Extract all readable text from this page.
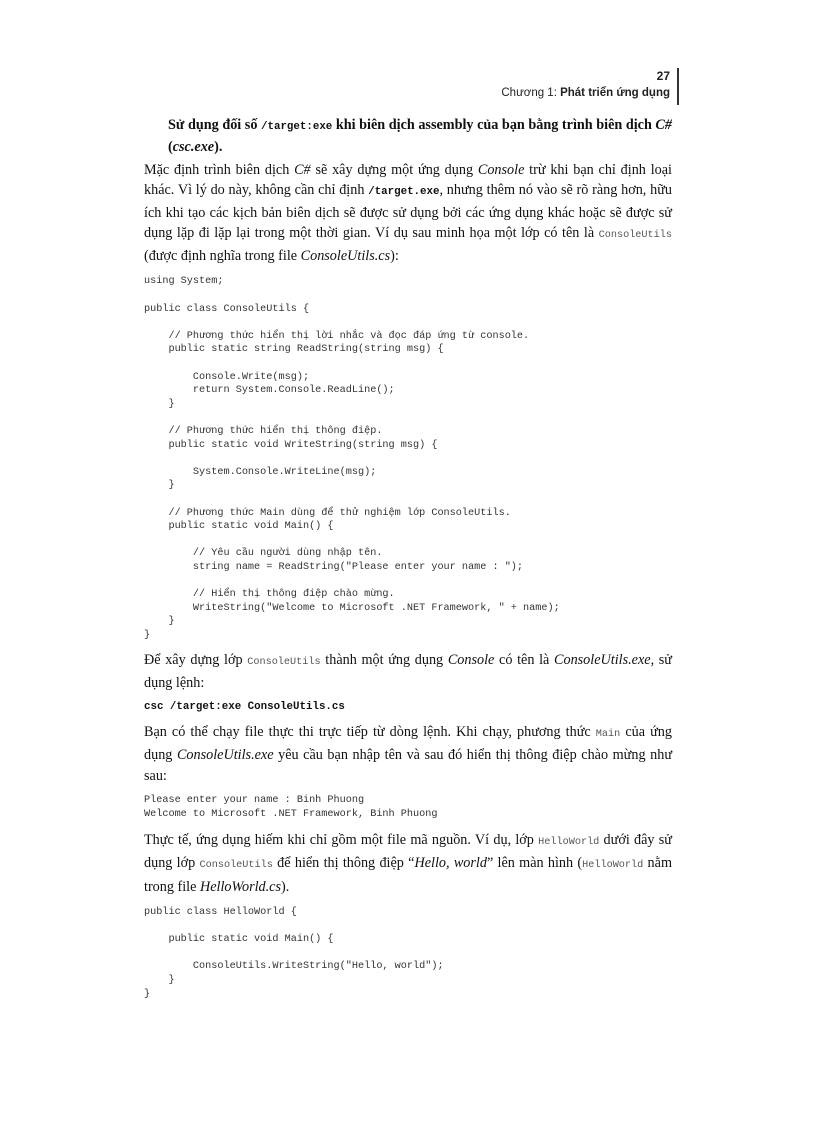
27
Chương 1: Phát triển ứng dụng

Sử dụng đối số /target:exe khi biên dịch assembly của bạn bằng trình biên dịch C# (csc.exe).

Mặc định trình biên dịch C# sẽ xây dựng một ứng dụng Console trừ khi bạn chỉ định loại khác. Vì lý do này, không cần chỉ định /target.exe, nhưng thêm nó vào sẽ rõ ràng hơn, hữu ích khi tạo các kịch bản biên dịch sẽ được sử dụng bởi các ứng dụng khác hoặc sẽ được sử dụng lặp đi lặp lại trong một thời gian. Ví dụ sau minh họa một lớp có tên là ConsoleUtils (được định nghĩa trong file ConsoleUtils.cs):

using System;

public class ConsoleUtils {

// Phương thức hiển thị lời nhắc và đọc đáp ứng từ console.
public static string ReadString(string msg) {

Console.Write(msg);
return System.Console.ReadLine();
}

// Phương thức hiển thị thông điệp.
public static void WriteString(string msg) {

System.Console.WriteLine(msg);
}

// Phương thức Main dùng để thử nghiệm lớp ConsoleUtils.
public static void Main() {

// Yêu cầu người dùng nhập tên.
string name = ReadString("Please enter your name : ");

// Hiển thị thông điệp chào mừng.
WriteString("Welcome to Microsoft .NET Framework, " + name);
}
}

Để xây dựng lớp ConsoleUtils thành một ứng dụng Console có tên là ConsoleUtils.exe, sử dụng lệnh:

csc /target:exe ConsoleUtils.cs

Bạn có thể chạy file thực thi trực tiếp từ dòng lệnh. Khi chạy, phương thức Main của ứng dụng ConsoleUtils.exe yêu cầu bạn nhập tên và sau đó hiển thị thông điệp chào mừng như sau:

Please enter your name : Binh Phuong
Welcome to Microsoft .NET Framework, Binh Phuong

Thực tế, ứng dụng hiếm khi chỉ gồm một file mã nguồn. Ví dụ, lớp HelloWorld dưới đây sử dụng lớp ConsoleUtils để hiển thị thông điệp “Hello, world” lên màn hình (HelloWorld nằm trong file HelloWorld.cs).

public class HelloWorld {

public static void Main() {

ConsoleUtils.WriteString("Hello, world");
}
}
